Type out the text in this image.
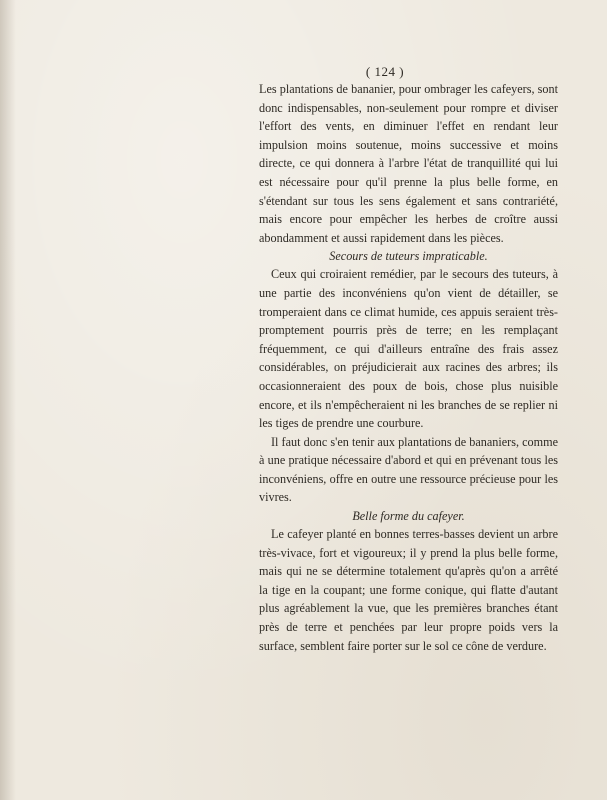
( 124 )

Les plantations de bananier, pour ombrager les cafeyers, sont donc indispensables, non-seulement pour rompre et diviser l'effort des vents, en diminuer l'effet en rendant leur impulsion moins soutenue, moins successive et moins directe, ce qui donnera à l'arbre l'état de tranquillité qui lui est nécessaire pour qu'il prenne la plus belle forme, en s'étendant sur tous les sens également et sans contrariété, mais encore pour empêcher les herbes de croître aussi abondamment et aussi rapidement dans les pièces.

Secours de tuteurs impraticable.

Ceux qui croiraient remédier, par le secours des tuteurs, à une partie des inconvéniens qu'on vient de détailler, se tromperaient dans ce climat humide, ces appuis seraient très-promptement pourris près de terre; en les remplaçant fréquemment, ce qui d'ailleurs entraîne des frais assez considérables, on préjudicierait aux racines des arbres; ils occasionneraient des poux de bois, chose plus nuisible encore, et ils n'empêcheraient ni les branches de se replier ni les tiges de prendre une courbure.

Il faut donc s'en tenir aux plantations de bananiers, comme à une pratique nécessaire d'abord et qui en prévenant tous les inconvéniens, offre en outre une ressource précieuse pour les vivres.

Belle forme du cafeyer.

Le cafeyer planté en bonnes terres-basses devient un arbre très-vivace, fort et vigoureux; il y prend la plus belle forme, mais qui ne se détermine totalement qu'après qu'on a arrêté la tige en la coupant; une forme conique, qui flatte d'autant plus agréablement la vue, que les premières branches étant près de terre et penchées par leur propre poids vers la surface, semblent faire porter sur le sol ce cône de verdure.
